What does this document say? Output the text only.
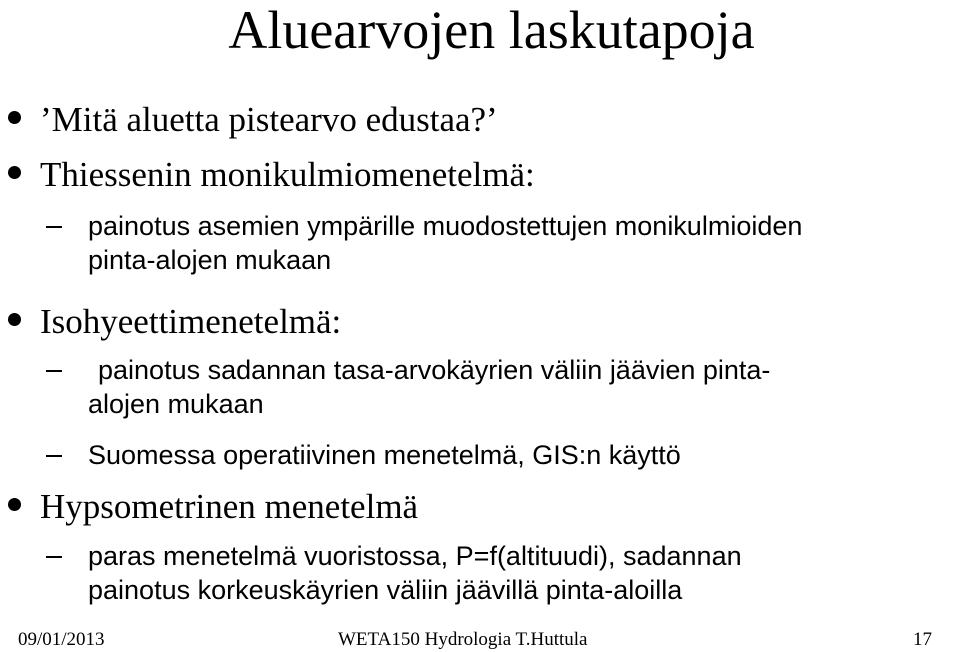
Aluearvojen laskutapoja
’Mitä aluetta pistearvo edustaa?’
Thiessenin monikulmiomenetelmä:
painotus asemien ympärille muodostettujen monikulmioiden
pinta-alojen mukaan
Isohyeettimenetelmä:
painotus sadannan tasa-arvokäyrien väliin jäävien pinta-
alojen mukaan
Suomessa operatiivinen menetelmä, GIS:n käyttö
Hypsometrinen menetelmä
paras menetelmä vuoristossa, P=f(altituudi), sadannan
painotus korkeuskäyrien väliin jäävillä pinta-aloilla
09/01/2013	WETA150 Hydrologia T.Huttula	17
